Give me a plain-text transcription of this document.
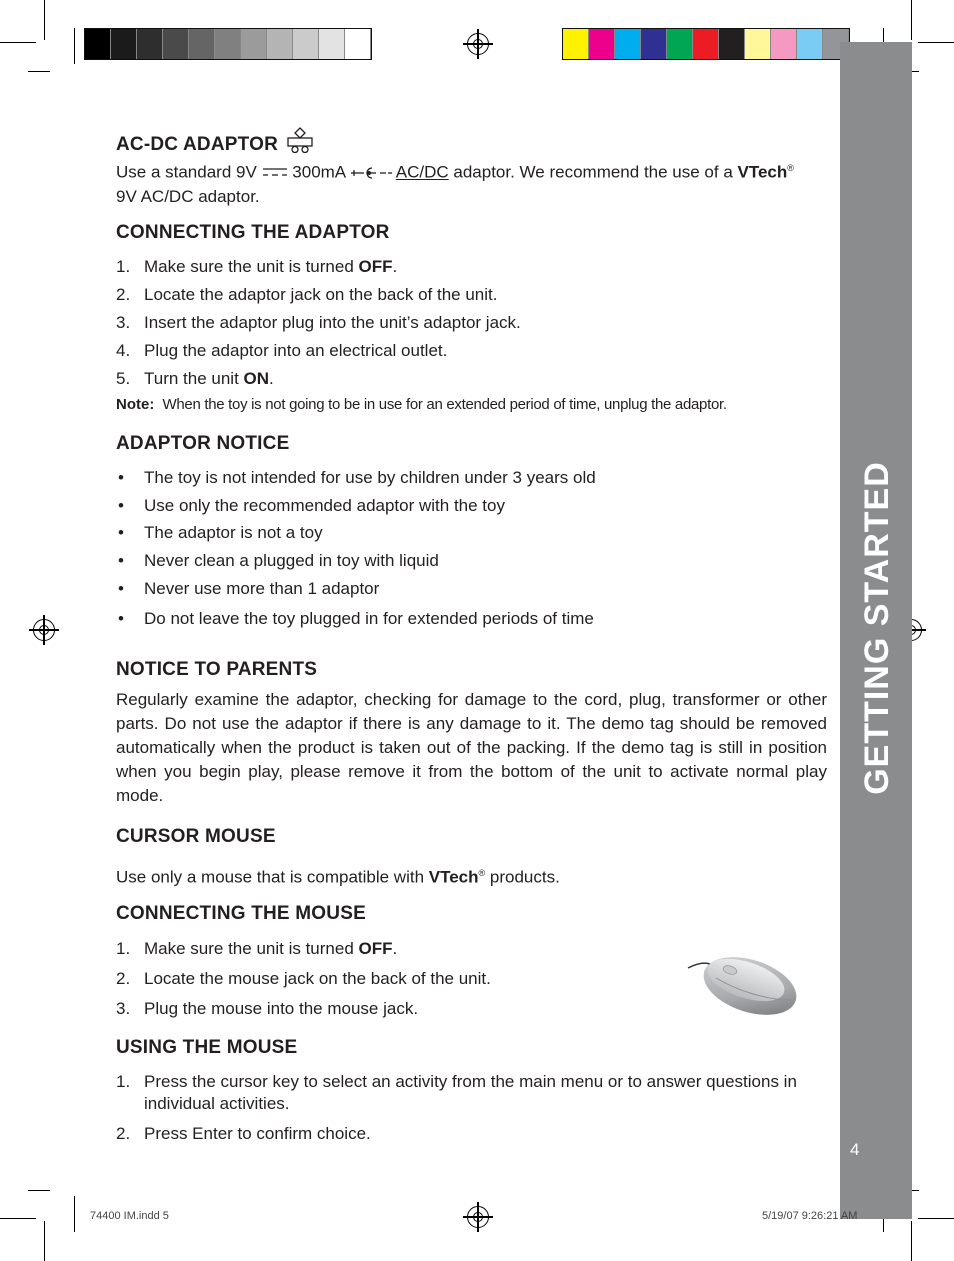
GETTING STARTED
4
AC-DC ADAPTOR

Use a standard 9V 300mA	AC/DC adaptor. We recommend the use of a VTech®
9V AC/DC adaptor.

CONNECTING THE ADAPTOR
1. Make sure the unit is turned OFF.
2. Locate the adaptor jack on the back of the unit.
3. Insert the adaptor plug into the unit’s adaptor jack.
4. Plug the adaptor into an electrical outlet.
5. Turn the unit ON.
Note: When the toy is not going to be in use for an extended period of time, unplug the adaptor.
ADAPTOR NOTICE
• The toy is not intended for use by children under 3 years old
• Use only the recommended adaptor with the toy
• The adaptor is not a toy
• Never clean a plugged in toy with liquid
• Never use more than 1 adaptor
• Do not leave the toy plugged in for extended periods of time
NOTICE TO PARENTS

Regularly examine the adaptor, checking for damage to the cord, plug, transformer or other parts. Do not use the adaptor if there is any damage to it. The demo tag should be removed automatically when the product is taken out of the packing. If the demo tag is still in position when you begin play, please remove it from the bottom of the unit to activate normal play mode.

CURSOR MOUSE

Use only a mouse that is compatible with VTech® products.

CONNECTING THE MOUSE
1. Make sure the unit is turned OFF.
2. Locate the mouse jack on the back of the unit.
3. Plug the mouse into the mouse jack.
USING THE MOUSE
1. Press the cursor key to select an activity from the main menu or to answer questions in individual activities.
2. Press Enter to confirm choice.
74400 IM.indd 5	5/19/07 9:26:21 AM
